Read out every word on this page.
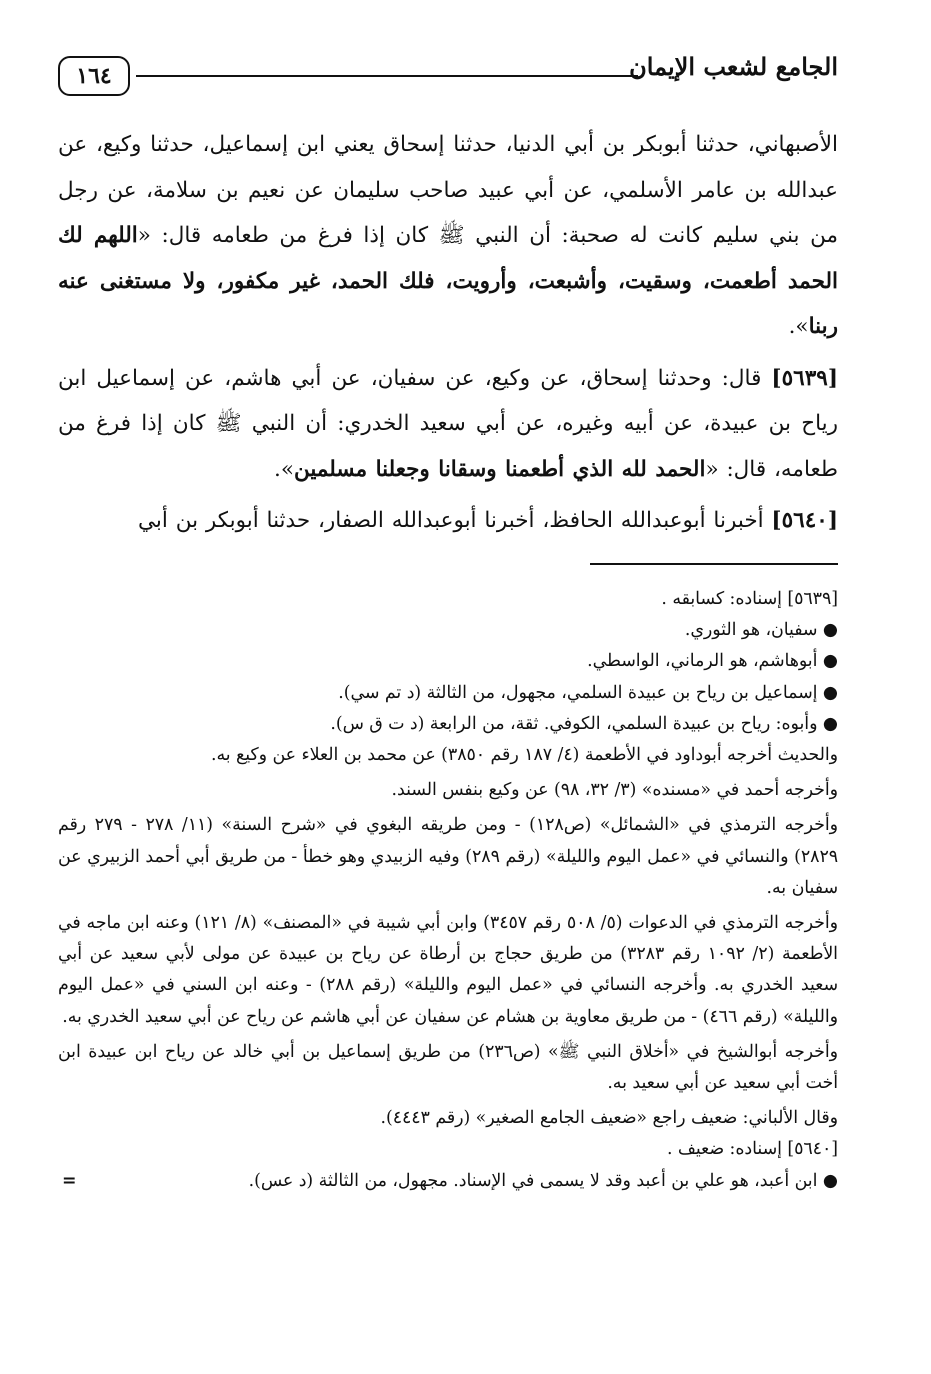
١٦٤	الجامع لشعب الإيمان

الأصبهاني، حدثنا أبوبكر بن أبي الدنيا، حدثنا إسحاق يعني ابن إسماعيل، حدثنا وكيع، عن عبدالله بن عامر الأسلمي، عن أبي عبيد صاحب سليمان عن نعيم بن سلامة، عن رجل من بني سليم كانت له صحبة: أن النبي ﷺ كان إذا فرغ من طعامه قال: «اللهم لك الحمد أطعمت، وسقيت، وأشبعت، وأرويت، فلك الحمد، غير مكفور، ولا مستغنى عنه ربنا».

[٥٦٣٩] قال: وحدثنا إسحاق، عن وكيع، عن سفيان، عن أبي هاشم، عن إسماعيل ابن رياح بن عبيدة، عن أبيه وغيره، عن أبي سعيد الخدري: أن النبي ﷺ كان إذا فرغ من طعامه، قال: «الحمد لله الذي أطعمنا وسقانا وجعلنا مسلمين».

[٥٦٤٠] أخبرنا أبوعبدالله الحافظ، أخبرنا أبوعبدالله الصفار، حدثنا أبوبكر بن أبي

[٥٦٣٩] إسناده: كسابقه .

● سفيان، هو الثوري.

● أبوهاشم، هو الرماني، الواسطي.

● إسماعيل بن رياح بن عبيدة السلمي، مجهول، من الثالثة (د تم سي).

● وأبوه: رياح بن عبيدة السلمي، الكوفي. ثقة، من الرابعة (د ت ق س).

والحديث أخرجه أبوداود في الأطعمة (٤/ ١٨٧ رقم ٣٨٥٠) عن محمد بن العلاء عن وكيع به.

وأخرجه أحمد في «مسنده» (٣/ ٣٢، ٩٨) عن وكيع بنفس السند.

وأخرجه الترمذي في «الشمائل» (ص١٢٨) - ومن طريقه البغوي في «شرح السنة» (١١/ ٢٧٨ - ٢٧٩ رقم ٢٨٢٩) والنسائي في «عمل اليوم والليلة» (رقم ٢٨٩) وفيه الزبيدي وهو خطأ - من طريق أبي أحمد الزبيري عن سفيان به.

وأخرجه الترمذي في الدعوات (٥/ ٥٠٨ رقم ٣٤٥٧) وابن أبي شيبة في «المصنف» (٨/ ١٢١) وعنه ابن ماجه في الأطعمة (٢/ ١٠٩٢ رقم ٣٢٨٣) من طريق حجاج بن أرطاة عن رياح بن عبيدة عن مولى لأبي سعيد عن أبي سعيد الخدري به. وأخرجه النسائي في «عمل اليوم والليلة» (رقم ٢٨٨) - وعنه ابن السني في «عمل اليوم والليلة» (رقم ٤٦٦) - من طريق معاوية بن هشام عن سفيان عن أبي هاشم عن رياح عن أبي سعيد الخدري به.

وأخرجه أبوالشيخ في «أخلاق النبي ﷺ» (ص٢٣٦) من طريق إسماعيل بن أبي خالد عن رياح ابن عبيدة ابن أخت أبي سعيد عن أبي سعيد به.

وقال الألباني: ضعيف راجع «ضعيف الجامع الصغير» (رقم ٤٤٤٣).

[٥٦٤٠] إسناده: ضعيف .

● ابن أعبد، هو علي بن أعبد وقد لا يسمى في الإسناد. مجهول، من الثالثة (د عس).
=
